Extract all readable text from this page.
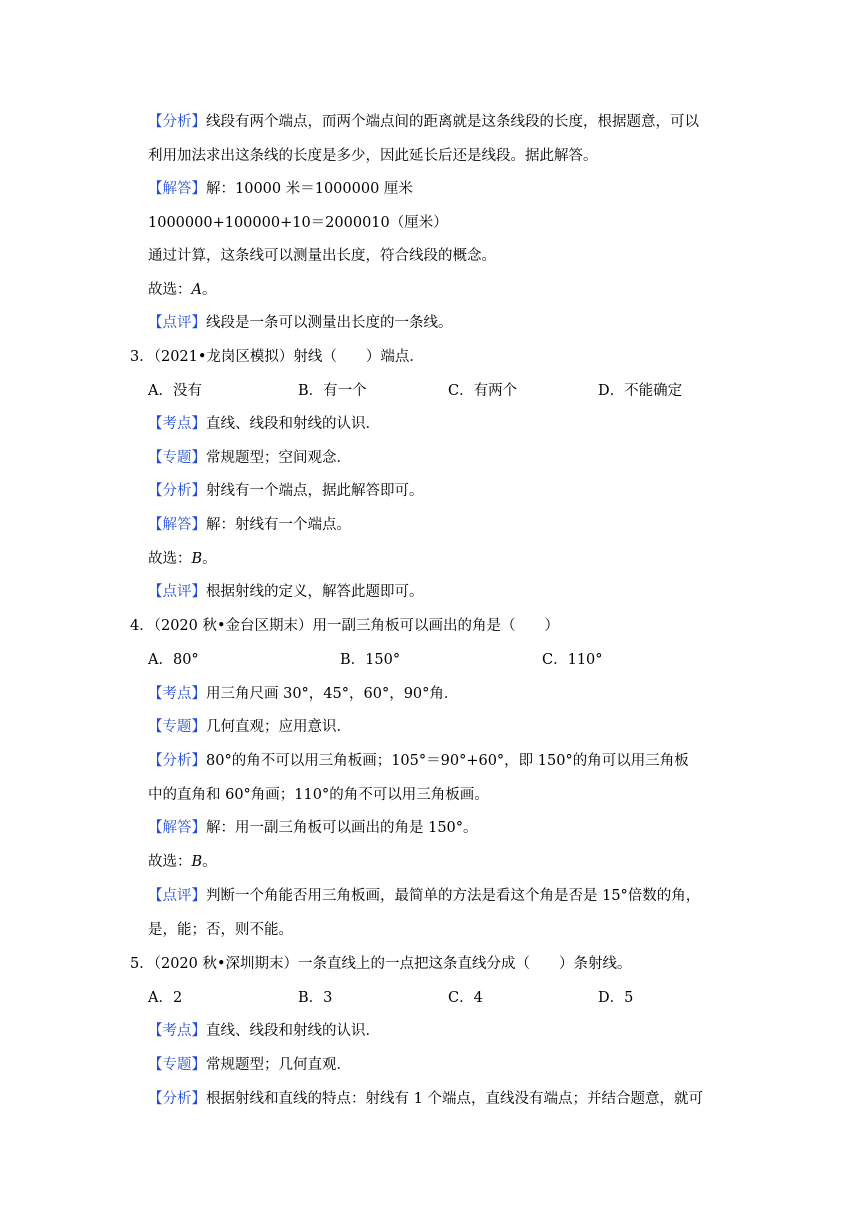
【分析】线段有两个端点，而两个端点间的距离就是这条线段的长度，根据题意，可以
利用加法求出这条线的长度是多少，因此延长后还是线段。据此解答。
【解答】解：10000 米＝1000000 厘米
1000000+100000+10＝2000010（厘米）
通过计算，这条线可以测量出长度，符合线段的概念。
故选：A。
【点评】线段是一条可以测量出长度的一条线。
3．（2021•龙岗区模拟）射线（　　）端点．
A．没有	B．有一个	C．有两个	D．不能确定
【考点】直线、线段和射线的认识．
【专题】常规题型；空间观念．
【分析】射线有一个端点，据此解答即可。
【解答】解：射线有一个端点。
故选：B。
【点评】根据射线的定义，解答此题即可。
4．（2020 秋•金台区期末）用一副三角板可以画出的角是（　　）
A．80°	B．150°	C．110°
【考点】用三角尺画 30°，45°，60°，90°角．
【专题】几何直观；应用意识．
【分析】80°的角不可以用三角板画；105°＝90°+60°，即 150°的角可以用三角板
中的直角和 60°角画；110°的角不可以用三角板画。
【解答】解：用一副三角板可以画出的角是 150°。
故选：B。
【点评】判断一个角能否用三角板画，最简单的方法是看这个角是否是 15°倍数的角，
是，能；否，则不能。
5．（2020 秋•深圳期末）一条直线上的一点把这条直线分成（　　）条射线。
A．2	B．3	C．4	D．5
【考点】直线、线段和射线的认识．
【专题】常规题型；几何直观．
【分析】根据射线和直线的特点：射线有 1 个端点，直线没有端点；并结合题意，就可
